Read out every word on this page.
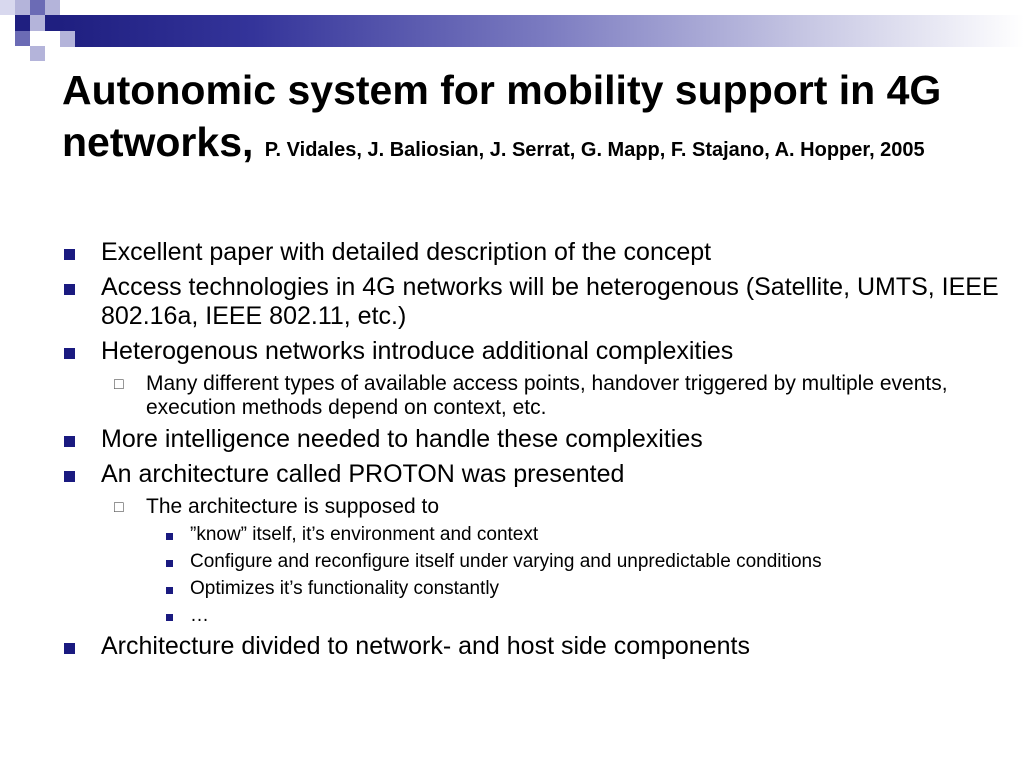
Autonomic system for mobility support in 4G networks, P. Vidales, J. Baliosian, J. Serrat, G. Mapp, F. Stajano, A. Hopper, 2005
Excellent paper with detailed description of the concept
Access technologies in 4G networks will be heterogenous (Satellite, UMTS, IEEE 802.16a, IEEE 802.11, etc.)
Heterogenous networks introduce additional complexities
□ Many different types of available access points, handover triggered by multiple events, execution methods depend on context, etc.
More intelligence needed to handle these complexities
An architecture called PROTON was presented
□ The architecture is supposed to
”know” itself, it’s environment and context
Configure and reconfigure itself under varying and unpredictable conditions
Optimizes it’s functionality constantly
…
Architecture divided to network- and host side components
